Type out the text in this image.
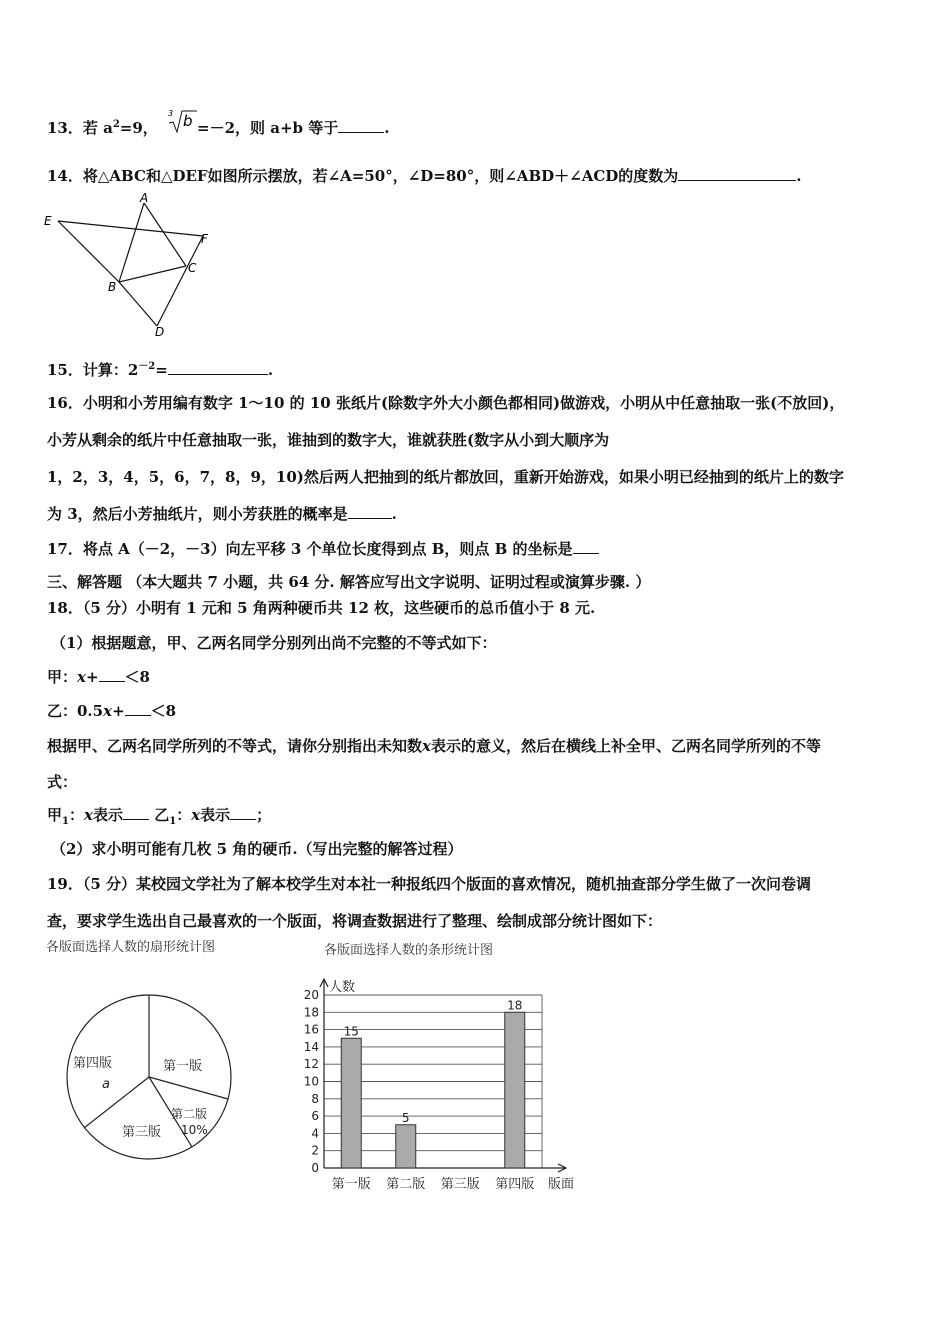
13．若 $a^2=9$，
3 b =－2，则 a+b 等于	.
14．将△ABC和△DEF如图所示摆放，若∠A=50°，∠D=80°，则∠ABD＋∠ACD的度数为	.
E
A
F
C
B
D
15．计算：$2^{-2}=$	.
16．小明和小芳用编有数字 1～10 的 10 张纸片(除数字外大小颜色都相同)做游戏，小明从中任意抽取一张(不放回)，
小芳从剩余的纸片中任意抽取一张，谁抽到的数字大，谁就获胜(数字从小到大顺序为
1，2，3，4，5，6，7，8，9，10)然后两人把抽到的纸片都放回，重新开始游戏，如果小明已经抽到的纸片上的数字
为 3，然后小芳抽纸片，则小芳获胜的概率是	.
17．将点 A（－2，－3）向左平移 3 个单位长度得到点 B，则点 B 的坐标是
三、解答题 （本大题共 7 小题，共 64 分. 解答应写出文字说明、证明过程或演算步骤. ）
18．（5 分）小明有 1 元和 5 角两种硬币共 12 枚，这些硬币的总币值小于 8 元.
（1）根据题意，甲、乙两名同学分别列出尚不完整的不等式如下：
甲：x+ ＜8
乙：0.5x+ ＜8
根据甲、乙两名同学所列的不等式，请你分别指出未知数x表示的意义，然后在横线上补全甲、乙两名同学所列的不等
式：
甲$_1$：x表示 乙$_1$：x表示 ；
（2）求小明可能有几枚 5 角的硬币.（写出完整的解答过程）
19．（5 分）某校园文学社为了解本校学生对本社一种报纸四个版面的喜欢情况，随机抽查部分学生做了一次问卷调
查，要求学生选出自己最喜欢的一个版面，将调查数据进行了整理、绘制成部分统计图如下：
各版面选择人数的扇形统计图
第四版
a
第一版
第二版
10%
第三版
各版面选择人数的条形统计图
0
2
4
6
8
10
12
14
16
18
20 人数
版面
15
第一版
5
第二版 第三版
18
第四版
